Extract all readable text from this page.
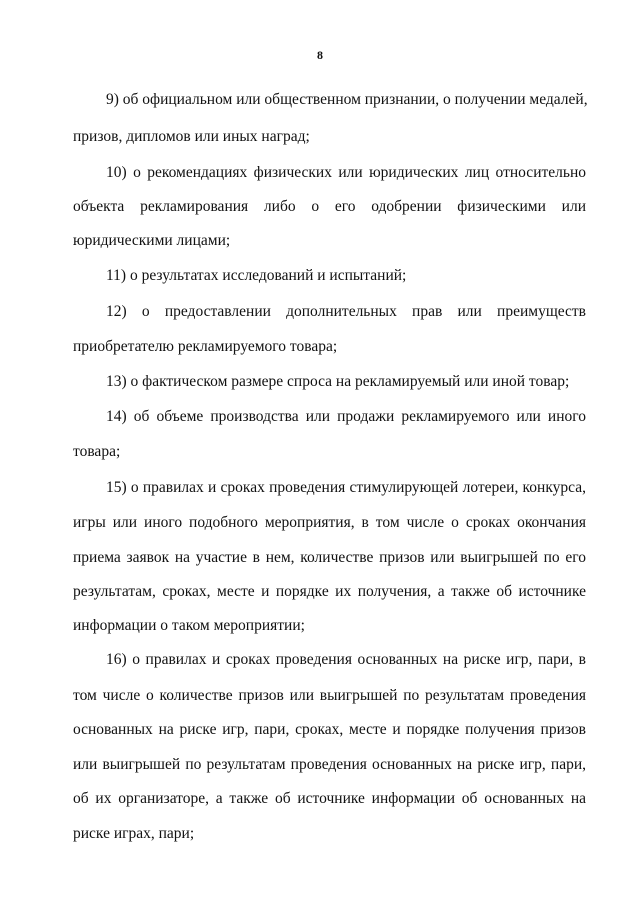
8

9) об официальном или общественном признании, о получении медалей,

призов, дипломов или иных наград;

10) о рекомендациях физических или юридических лиц относительно

объекта рекламирования либо о его одобрении физическими или

юридическими лицами;

11) о результатах исследований и испытаний;

12) о предоставлении дополнительных прав или преимуществ

приобретателю рекламируемого товара;

13) о фактическом размере спроса на рекламируемый или иной товар;

14) об объеме производства или продажи рекламируемого или иного

товара;

15) о правилах и сроках проведения стимулирующей лотереи, конкурса,

игры или иного подобного мероприятия, в том числе о сроках окончания

приема заявок на участие в нем, количестве призов или выигрышей по его

результатам, сроках, месте и порядке их получения, а также об источнике

информации о таком мероприятии;

16) о правилах и сроках проведения основанных на риске игр, пари, в

том числе о количестве призов или выигрышей по результатам проведения

основанных на риске игр, пари, сроках, месте и порядке получения призов

или выигрышей по результатам проведения основанных на риске игр, пари,

об их организаторе, а также об источнике информации об основанных на

риске играх, пари;
